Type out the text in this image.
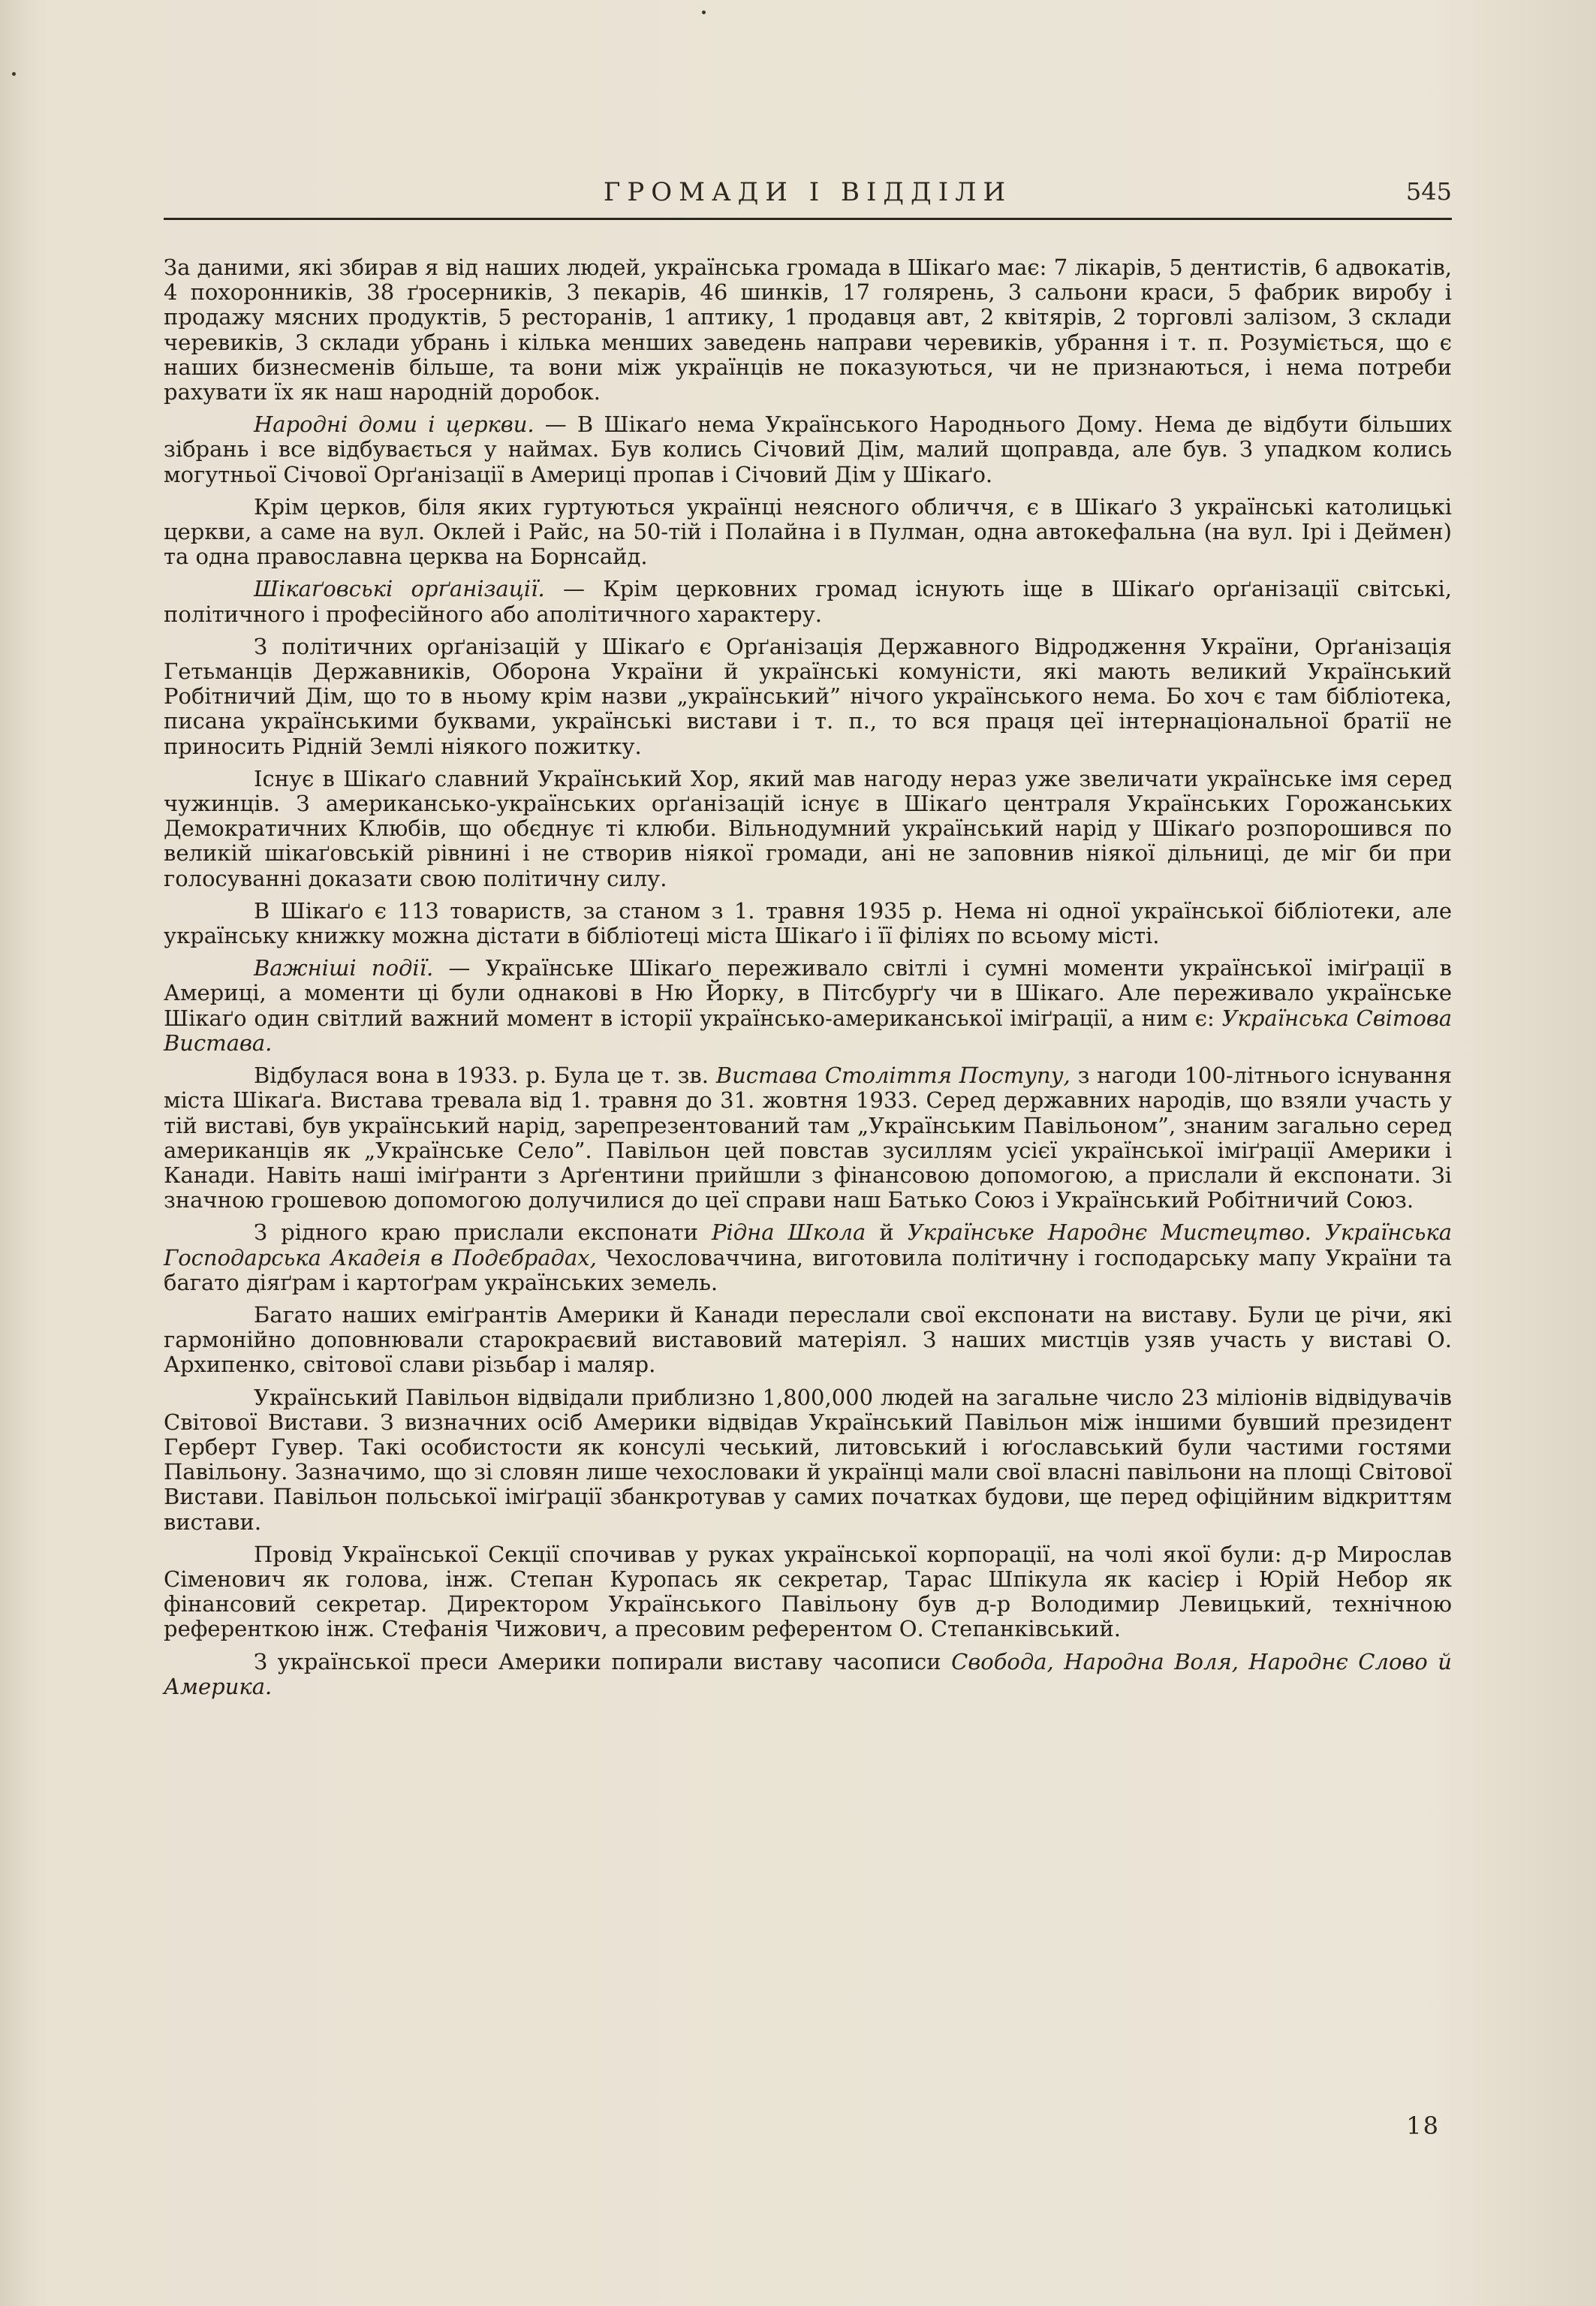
ГРОМАДИ І ВІДДІЛИ	545

За даними, які збирав я від наших людей, українська громада в Шікаґо має: 7 лікарів, 5 дентистів, 6 адвокатів, 4 похоронників, 38 ґросерників, 3 пекарів, 46 шинків, 17 голярень, 3 сальони краси, 5 фабрик виробу і продажу мясних продуктів, 5 ресторанів, 1 аптику, 1 продавця авт, 2 квітярів, 2 торговлі залізом, 3 склади черевиків, 3 склади убрань і кілька менших заведень направи черевиків, убрання і т. п. Розуміється, що є наших бизнесменів більше, та вони між українців не показуються, чи не признаються, і нема потреби рахувати їх як наш народній доробок.

Народні доми і церкви. — В Шікаґо нема Українського Народнього Дому. Нема де відбути більших зібрань і все відбувається у наймах. Був колись Січовий Дім, малий щоправда, але був. З упадком колись могутньої Січової Орґанізації в Америці пропав і Січовий Дім у Шікаґо.

Крім церков, біля яких гуртуються українці неясного обличчя, є в Шікаґо 3 українські католицькі церкви, а саме на вул. Оклей і Райс, на 50-тій і Полайна і в Пулман, одна автокефальна (на вул. Ірі і Деймен) та одна православна церква на Борнсайд.

Шікаґовські орґанізації. — Крім церковних громад існують іще в Шікаґо орґанізації світські, політичного і професійного або аполітичного характеру.

З політичних орґанізацій у Шікаґо є Орґанізація Державного Відродження України, Орґанізація Гетьманців Державників, Оборона України й українські комуністи, які мають великий Український Робітничий Дім, що то в ньому крім назви „український” нічого українського нема. Бо хоч є там бібліотека, писана українськими буквами, українські вистави і т. п., то вся праця цеї інтернаціональної братії не приносить Рідній Землі ніякого пожитку.

Існує в Шікаґо славний Український Хор, який мав нагоду нераз уже звеличати українське імя серед чужинців. З американсько-українських орґанізацій існує в Шікаґо централя Українських Горожанських Демократичних Клюбів, що обєднує ті клюби. Вільнодумний український нарід у Шікаґо розпорошився по великій шікаґовській рівнині і не створив ніякої громади, ані не заповнив ніякої дільниці, де міг би при голосуванні доказати свою політичну силу.

В Шікаґо є 113 товариств, за станом з 1. травня 1935 р. Нема ні одної української бібліотеки, але українську книжку можна дістати в бібліотеці міста Шікаґо і її філіях по всьому місті.

Важніші події. — Українське Шікаґо переживало світлі і сумні моменти української іміґрації в Америці, а моменти ці були однакові в Ню Йорку, в Пітсбурґу чи в Шікаго. Але переживало українське Шікаґо один світлий важний момент в історії українсько-американської іміґрації, а ним є: Українська Світова Вистава.

Відбулася вона в 1933. р. Була це т. зв. Вистава Століття Поступу, з нагоди 100-літнього існування міста Шікаґа. Вистава тревала від 1. травня до 31. жовтня 1933. Серед державних народів, що взяли участь у тій виставі, був український нарід, зарепрезентований там „Українським Павільоном”, знаним загально серед американців як „Українське Село”. Павільон цей повстав зусиллям усієї української іміґрації Америки і Канади. Навіть наші іміґранти з Арґентини прийшли з фінансовою допомогою, а прислали й експонати. Зі значною грошевою допомогою долучилися до цеї справи наш Батько Союз і Український Робітничий Союз.

З рідного краю прислали експонати Рідна Школа й Українське Народнє Мистецтво. Українська Господарська Акадеія в Подєбрадах, Чехословаччина, виготовила політичну і господарську мапу України та багато діяґрам і картоґрам українських земель.

Багато наших еміґрантів Америки й Канади переслали свої експонати на виставу. Були це річи, які гармонійно доповнювали старокраєвий виставовий матеріял. З наших мистців узяв участь у виставі О. Архипенко, світової слави різьбар і маляр.

Український Павільон відвідали приблизно 1,800,000 людей на загальне число 23 міліонів відвідувачів Світової Вистави. З визначних осіб Америки відвідав Український Павільон між іншими бувший президент Герберт Гувер. Такі особистости як консулі чеський, литовський і юґославський були частими гостями Павільону. Зазначимо, що зі словян лише чехословаки й українці мали свої власні павільони на площі Світової Вистави. Павільон польської іміґрації збанкротував у самих початках будови, ще перед офіційним відкриттям вистави.

Провід Української Секції спочивав у руках української корпорації, на чолі якої були: д-р Мирослав Сіменович як голова, інж. Степан Куропась як секретар, Тарас Шпікула як касієр і Юрій Небор як фінансовий секретар. Директором Українського Павільону був д-р Володимир Левицький, технічною референткою інж. Стефанія Чижович, а пресовим референтом О. Степанківський.

З української преси Америки попирали виставу часописи Свобода, Народна Воля, Народнє Слово й Америка.

18
